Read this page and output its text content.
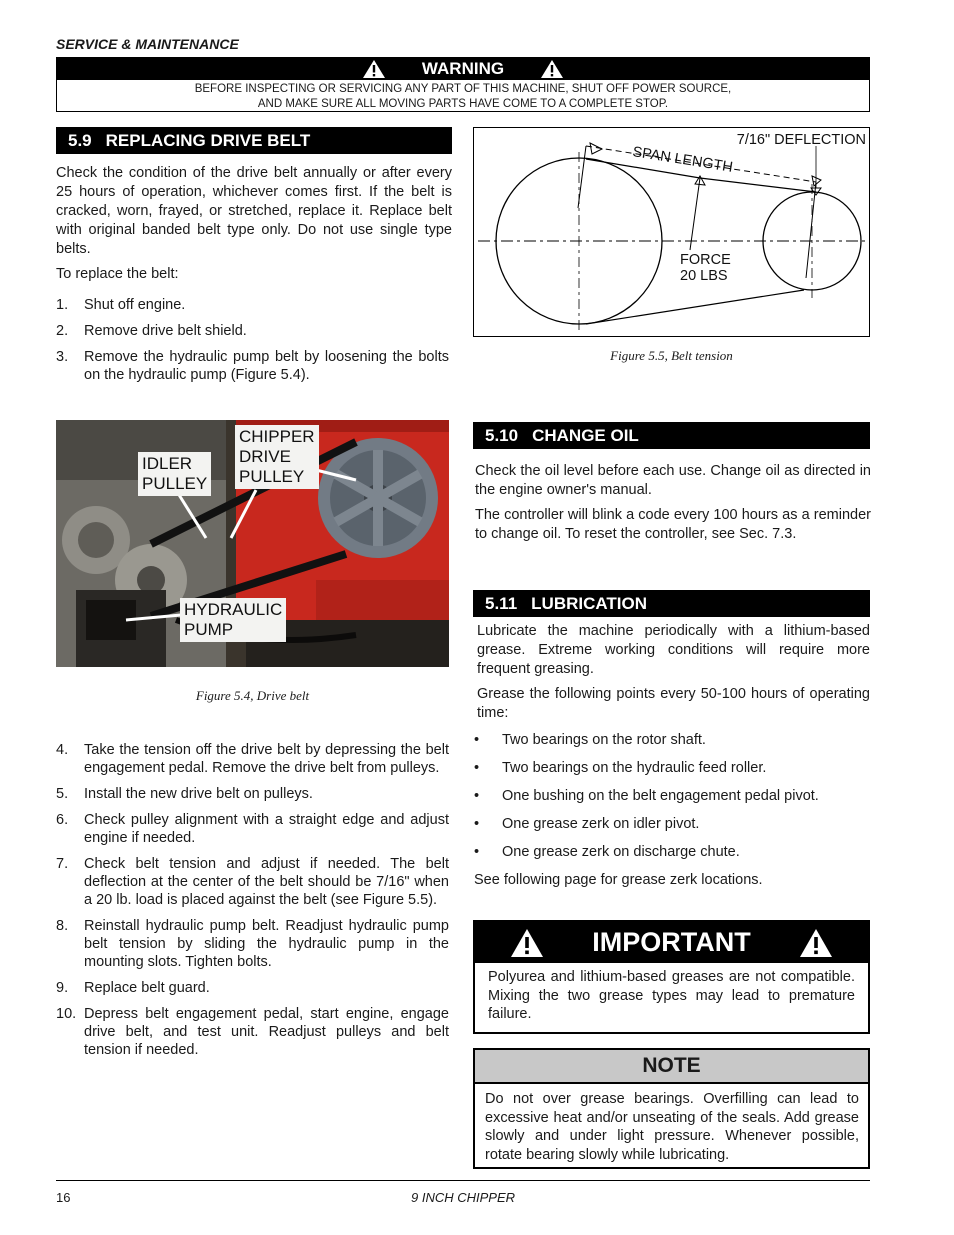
SERVICE & MAINTENANCE
WARNING
BEFORE INSPECTING OR SERVICING ANY PART OF THIS MACHINE, SHUT OFF POWER SOURCE,
AND MAKE SURE ALL MOVING PARTS HAVE COME TO A COMPLETE STOP.
5.9 REPLACING DRIVE BELT
Check the condition of the drive belt annually or after every 25 hours of operation, whichever comes first. If the belt is cracked, worn, frayed, or stretched, replace it. Replace belt with original banded belt type only. Do not use single type belts.
To replace the belt:
1.	Shut off engine.
2.	Remove drive belt shield.
3.	Remove the hydraulic pump belt by loosening the bolts on the hydraulic pump (Figure 5.4).
7/16" DEFLECTION
SPAN LENGTH
FORCE
20 LBS
Figure 5.5, Belt tension
CHIPPER
DRIVE
PULLEY
IDLER
PULLEY
HYDRAULIC
PUMP
Figure 5.4, Drive belt
4.	Take the tension off the drive belt by depressing the belt engagement pedal. Remove the drive belt from pulleys.
5.	Install the new drive belt on pulleys.
6.	Check pulley alignment with a straight edge and adjust engine if needed.
7.	Check belt tension and adjust if needed. The belt deflection at the center of the belt should be 7/16" when a 20 lb. load is placed against the belt (see Figure 5.5).
8.	Reinstall hydraulic pump belt. Readjust hydraulic pump belt tension by sliding the hydraulic pump in the mounting slots. Tighten bolts.
9.	Replace belt guard.
10. Depress belt engagement pedal, start engine, engage drive belt, and test unit. Readjust pulleys and belt tension if needed.
5.10 CHANGE OIL
Check the oil level before each use. Change oil as directed in the engine owner's manual.
The controller will blink a code every 100 hours as a reminder to change oil. To reset the controller, see Sec. 7.3.
5.11 LUBRICATION
Lubricate the machine periodically with a lithium-based grease. Extreme working conditions will require more frequent greasing.
Grease the following points every 50-100 hours of operating time:
•	Two bearings on the rotor shaft.
•	Two bearings on the hydraulic feed roller.
•	One bushing on the belt engagement pedal pivot.
•	One grease zerk on idler pivot.
•	One grease zerk on discharge chute.
See following page for grease zerk locations.
IMPORTANT
Polyurea and lithium-based greases are not compatible. Mixing the two grease types may lead to premature failure.
NOTE
Do not over grease bearings. Overfilling can lead to excessive heat and/or unseating of the seals. Add grease slowly and under light pressure. Whenever possible, rotate bearing slowly while lubricating.
16	9 INCH CHIPPER
